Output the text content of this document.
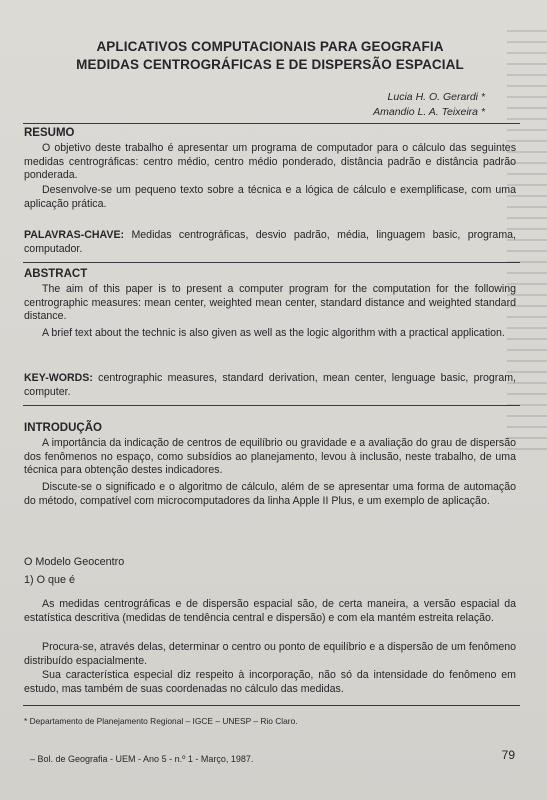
APLICATIVOS COMPUTACIONAIS PARA GEOGRAFIA
MEDIDAS CENTROGRÁFICAS E DE DISPERSÃO ESPACIAL
Lucia H. O. Gerardi *
Amandio L. A. Teixeira *
RESUMO

O objetivo deste trabalho é apresentar um programa de computador para o cálculo das seguintes medidas centrográficas: centro médio, centro médio ponderado, distância padrão e distância padrão ponderada.

Desenvolve-se um pequeno texto sobre a técnica e a lógica de cálculo e exemplificase, com uma aplicação prática.

PALAVRAS-CHAVE: Medidas centrográficas, desvio padrão, média, linguagem basic, programa, computador.

ABSTRACT

The aim of this paper is to present a computer program for the computation for the following centrographic measures: mean center, weighted mean center, standard distance and weighted standard distance.

A brief text about the technic is also given as well as the logic algorithm with a practical application.

KEY-WORDS: centrographic measures, standard derivation, mean center, lenguage basic, program, computer.

INTRODUÇÃO

A importância da indicação de centros de equilíbrio ou gravidade e a avaliação do grau de dispersão dos fenômenos no espaço, como subsídios ao planejamento, levou à inclusão, neste trabalho, de uma técnica para obtenção destes indicadores.

Discute-se o significado e o algoritmo de cálculo, além de se apresentar uma forma de automação do método, compatível com microcomputadores da linha Apple II Plus, e um exemplo de aplicação.

O Modelo Geocentro

1) O que é

As medidas centrográficas e de dispersão espacial são, de certa maneira, a versão espacial da estatística descritiva (medidas de tendência central e dispersão) e com ela mantém estreita relação.

Procura-se, através delas, determinar o centro ou ponto de equilíbrio e a dispersão de um fenômeno distribuído espacialmente.

Sua característica especial diz respeito à incorporação, não só da intensidade do fenômeno em estudo, mas também de suas coordenadas no cálculo das medidas.

* Departamento de Planejamento Regional – IGCE – UNESP – Rio Claro.

– Bol. de Geografia - UEM - Ano 5 - n.º 1 - Março, 1987.	79
